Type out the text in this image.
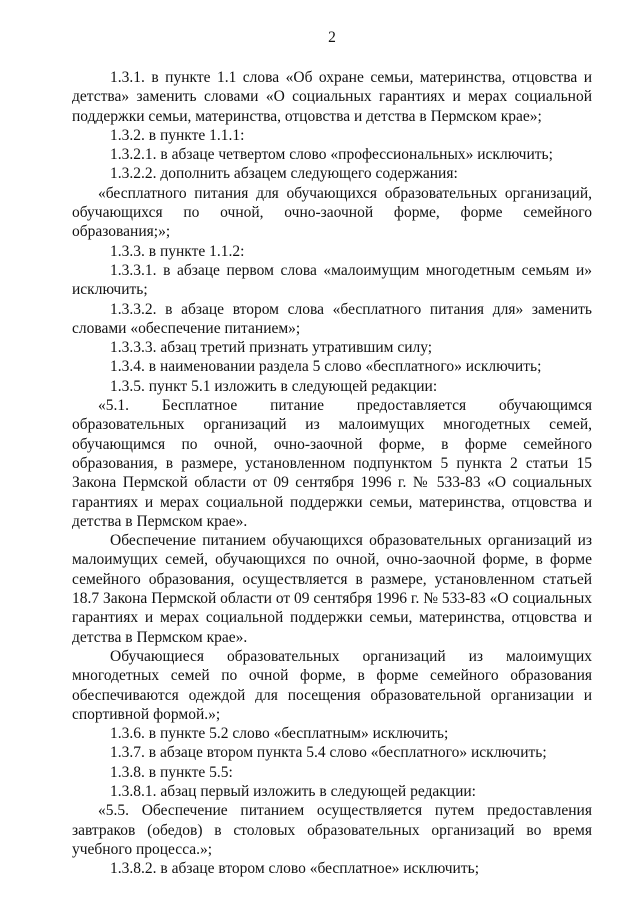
2

1.3.1. в пункте 1.1 слова «Об охране семьи, материнства, отцовства и детства» заменить словами «О социальных гарантиях и мерах социальной поддержки семьи, материнства, отцовства и детства в Пермском крае»;

1.3.2. в пункте 1.1.1:

1.3.2.1. в абзаце четвертом слово «профессиональных» исключить;

1.3.2.2. дополнить абзацем следующего содержания:

«бесплатного питания для обучающихся образовательных организаций, обучающихся по очной, очно-заочной форме, форме семейного образования;»;

1.3.3. в пункте 1.1.2:

1.3.3.1. в абзаце первом слова «малоимущим многодетным семьям и» исключить;

1.3.3.2. в абзаце втором слова «бесплатного питания для» заменить словами «обеспечение питанием»;

1.3.3.3. абзац третий признать утратившим силу;

1.3.4. в наименовании раздела 5 слово «бесплатного» исключить;

1.3.5. пункт 5.1 изложить в следующей редакции:

«5.1. Бесплатное питание предоставляется обучающимся образовательных организаций из малоимущих многодетных семей, обучающимся по очной, очно-заочной форме, в форме семейного образования, в размере, установленном подпунктом 5 пункта 2 статьи 15 Закона Пермской области от 09 сентября 1996 г. № 533-83 «О социальных гарантиях и мерах социальной поддержки семьи, материнства, отцовства и детства в Пермском крае».

Обеспечение питанием обучающихся образовательных организаций из малоимущих семей, обучающихся по очной, очно-заочной форме, в форме семейного образования, осуществляется в размере, установленном статьей 18.7 Закона Пермской области от 09 сентября 1996 г. № 533-83 «О социальных гарантиях и мерах социальной поддержки семьи, материнства, отцовства и детства в Пермском крае».

Обучающиеся образовательных организаций из малоимущих многодетных семей по очной форме, в форме семейного образования обеспечиваются одеждой для посещения образовательной организации и спортивной формой.»;

1.3.6. в пункте 5.2 слово «бесплатным» исключить;

1.3.7. в абзаце втором пункта 5.4 слово «бесплатного» исключить;

1.3.8. в пункте 5.5:

1.3.8.1. абзац первый изложить в следующей редакции:

«5.5. Обеспечение питанием осуществляется путем предоставления завтраков (обедов) в столовых образовательных организаций во время учебного процесса.»;

1.3.8.2. в абзаце втором слово «бесплатное» исключить;
